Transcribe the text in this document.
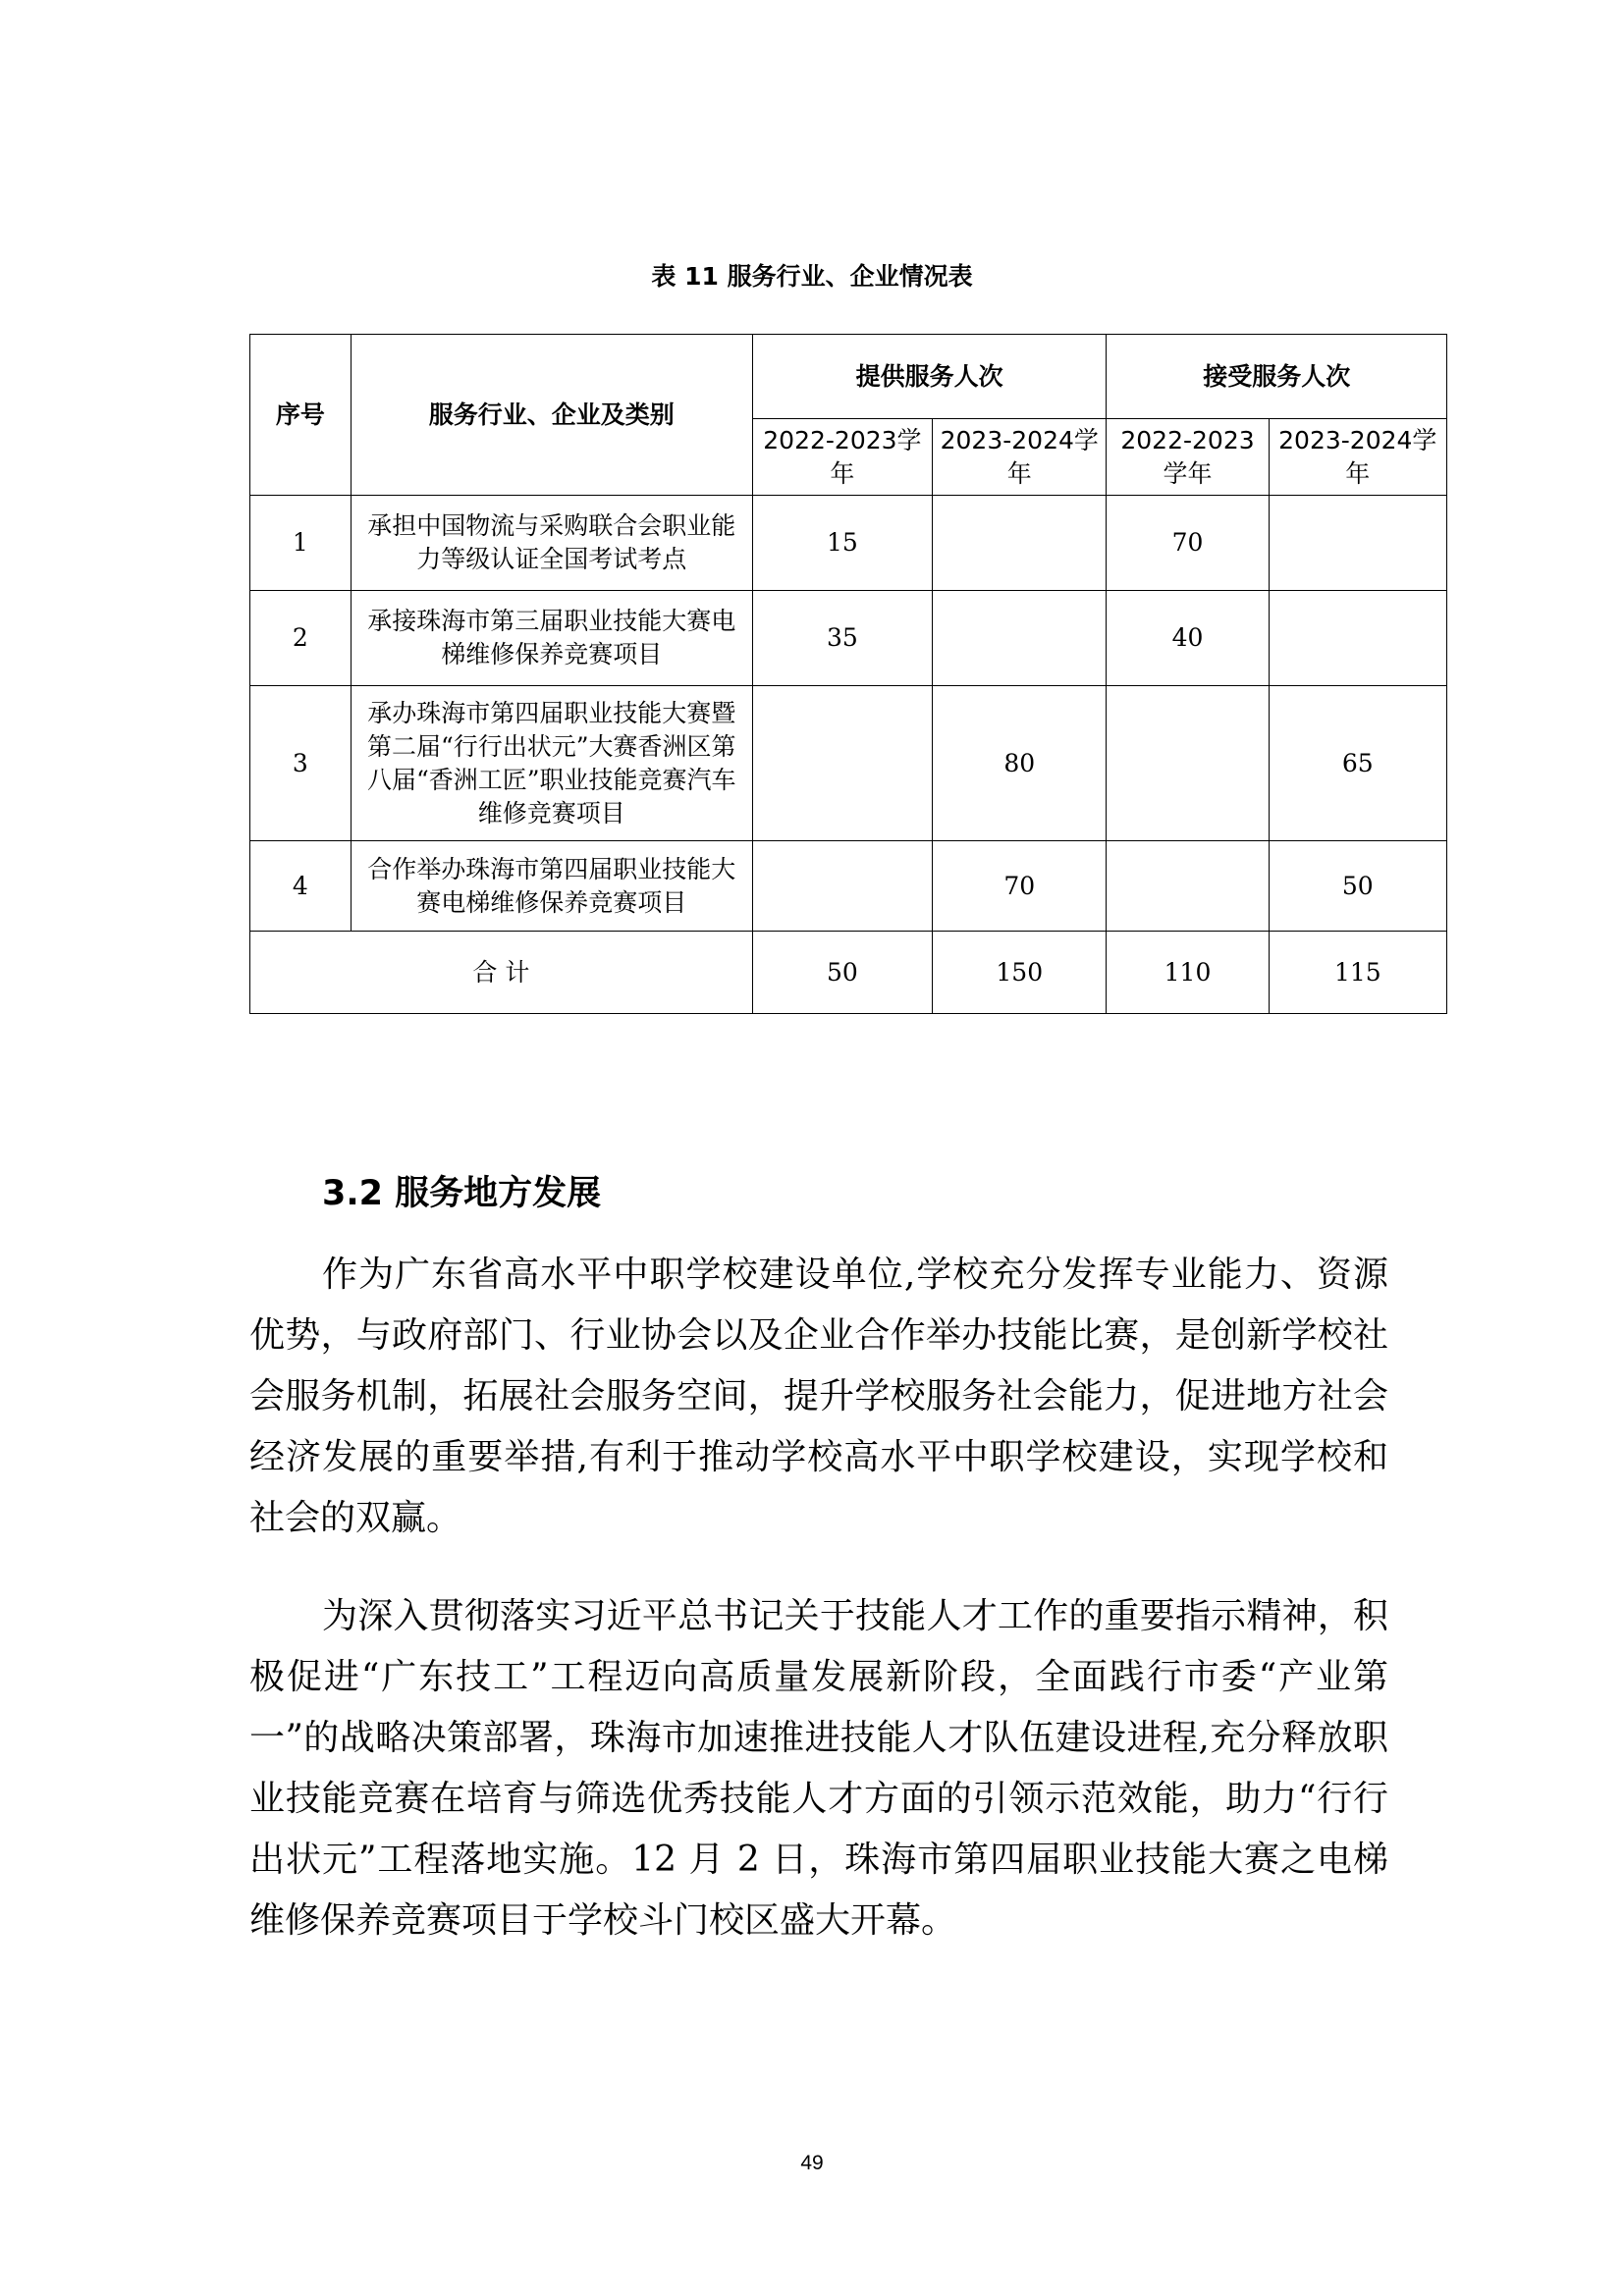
表 11 服务行业、企业情况表
序号	服务行业、企业及类别	提供服务人次		接受服务人次	
		2022-2023学年	2023-2024学年	2022-2023学年	2023-2024学年
1	承担中国物流与采购联合会职业能力等级认证全国考试考点	15		70	
2	承接珠海市第三届职业技能大赛电梯维修保养竞赛项目	35		40	
3	承办珠海市第四届职业技能大赛暨第二届“行行出状元”大赛香洲区第八届“香洲工匠”职业技能竞赛汽车维修竞赛项目		80		65
4	合作举办珠海市第四届职业技能大赛电梯维修保养竞赛项目		70		50
合 计		50	150	110	115
3.2 服务地方发展

作为广东省高水平中职学校建设单位,学校充分发挥专业能力、资源优势，与政府部门、行业协会以及企业合作举办技能比赛，是创新学校社会服务机制，拓展社会服务空间，提升学校服务社会能力，促进地方社会经济发展的重要举措,有利于推动学校高水平中职学校建设，实现学校和社会的双赢。

为深入贯彻落实习近平总书记关于技能人才工作的重要指示精神，积极促进“广东技工”工程迈向高质量发展新阶段，全面践行市委“产业第一”的战略决策部署，珠海市加速推进技能人才队伍建设进程,充分释放职业技能竞赛在培育与筛选优秀技能人才方面的引领示范效能，助力“行行出状元”工程落地实施。12 月 2 日，珠海市第四届职业技能大赛之电梯维修保养竞赛项目于学校斗门校区盛大开幕。

49
